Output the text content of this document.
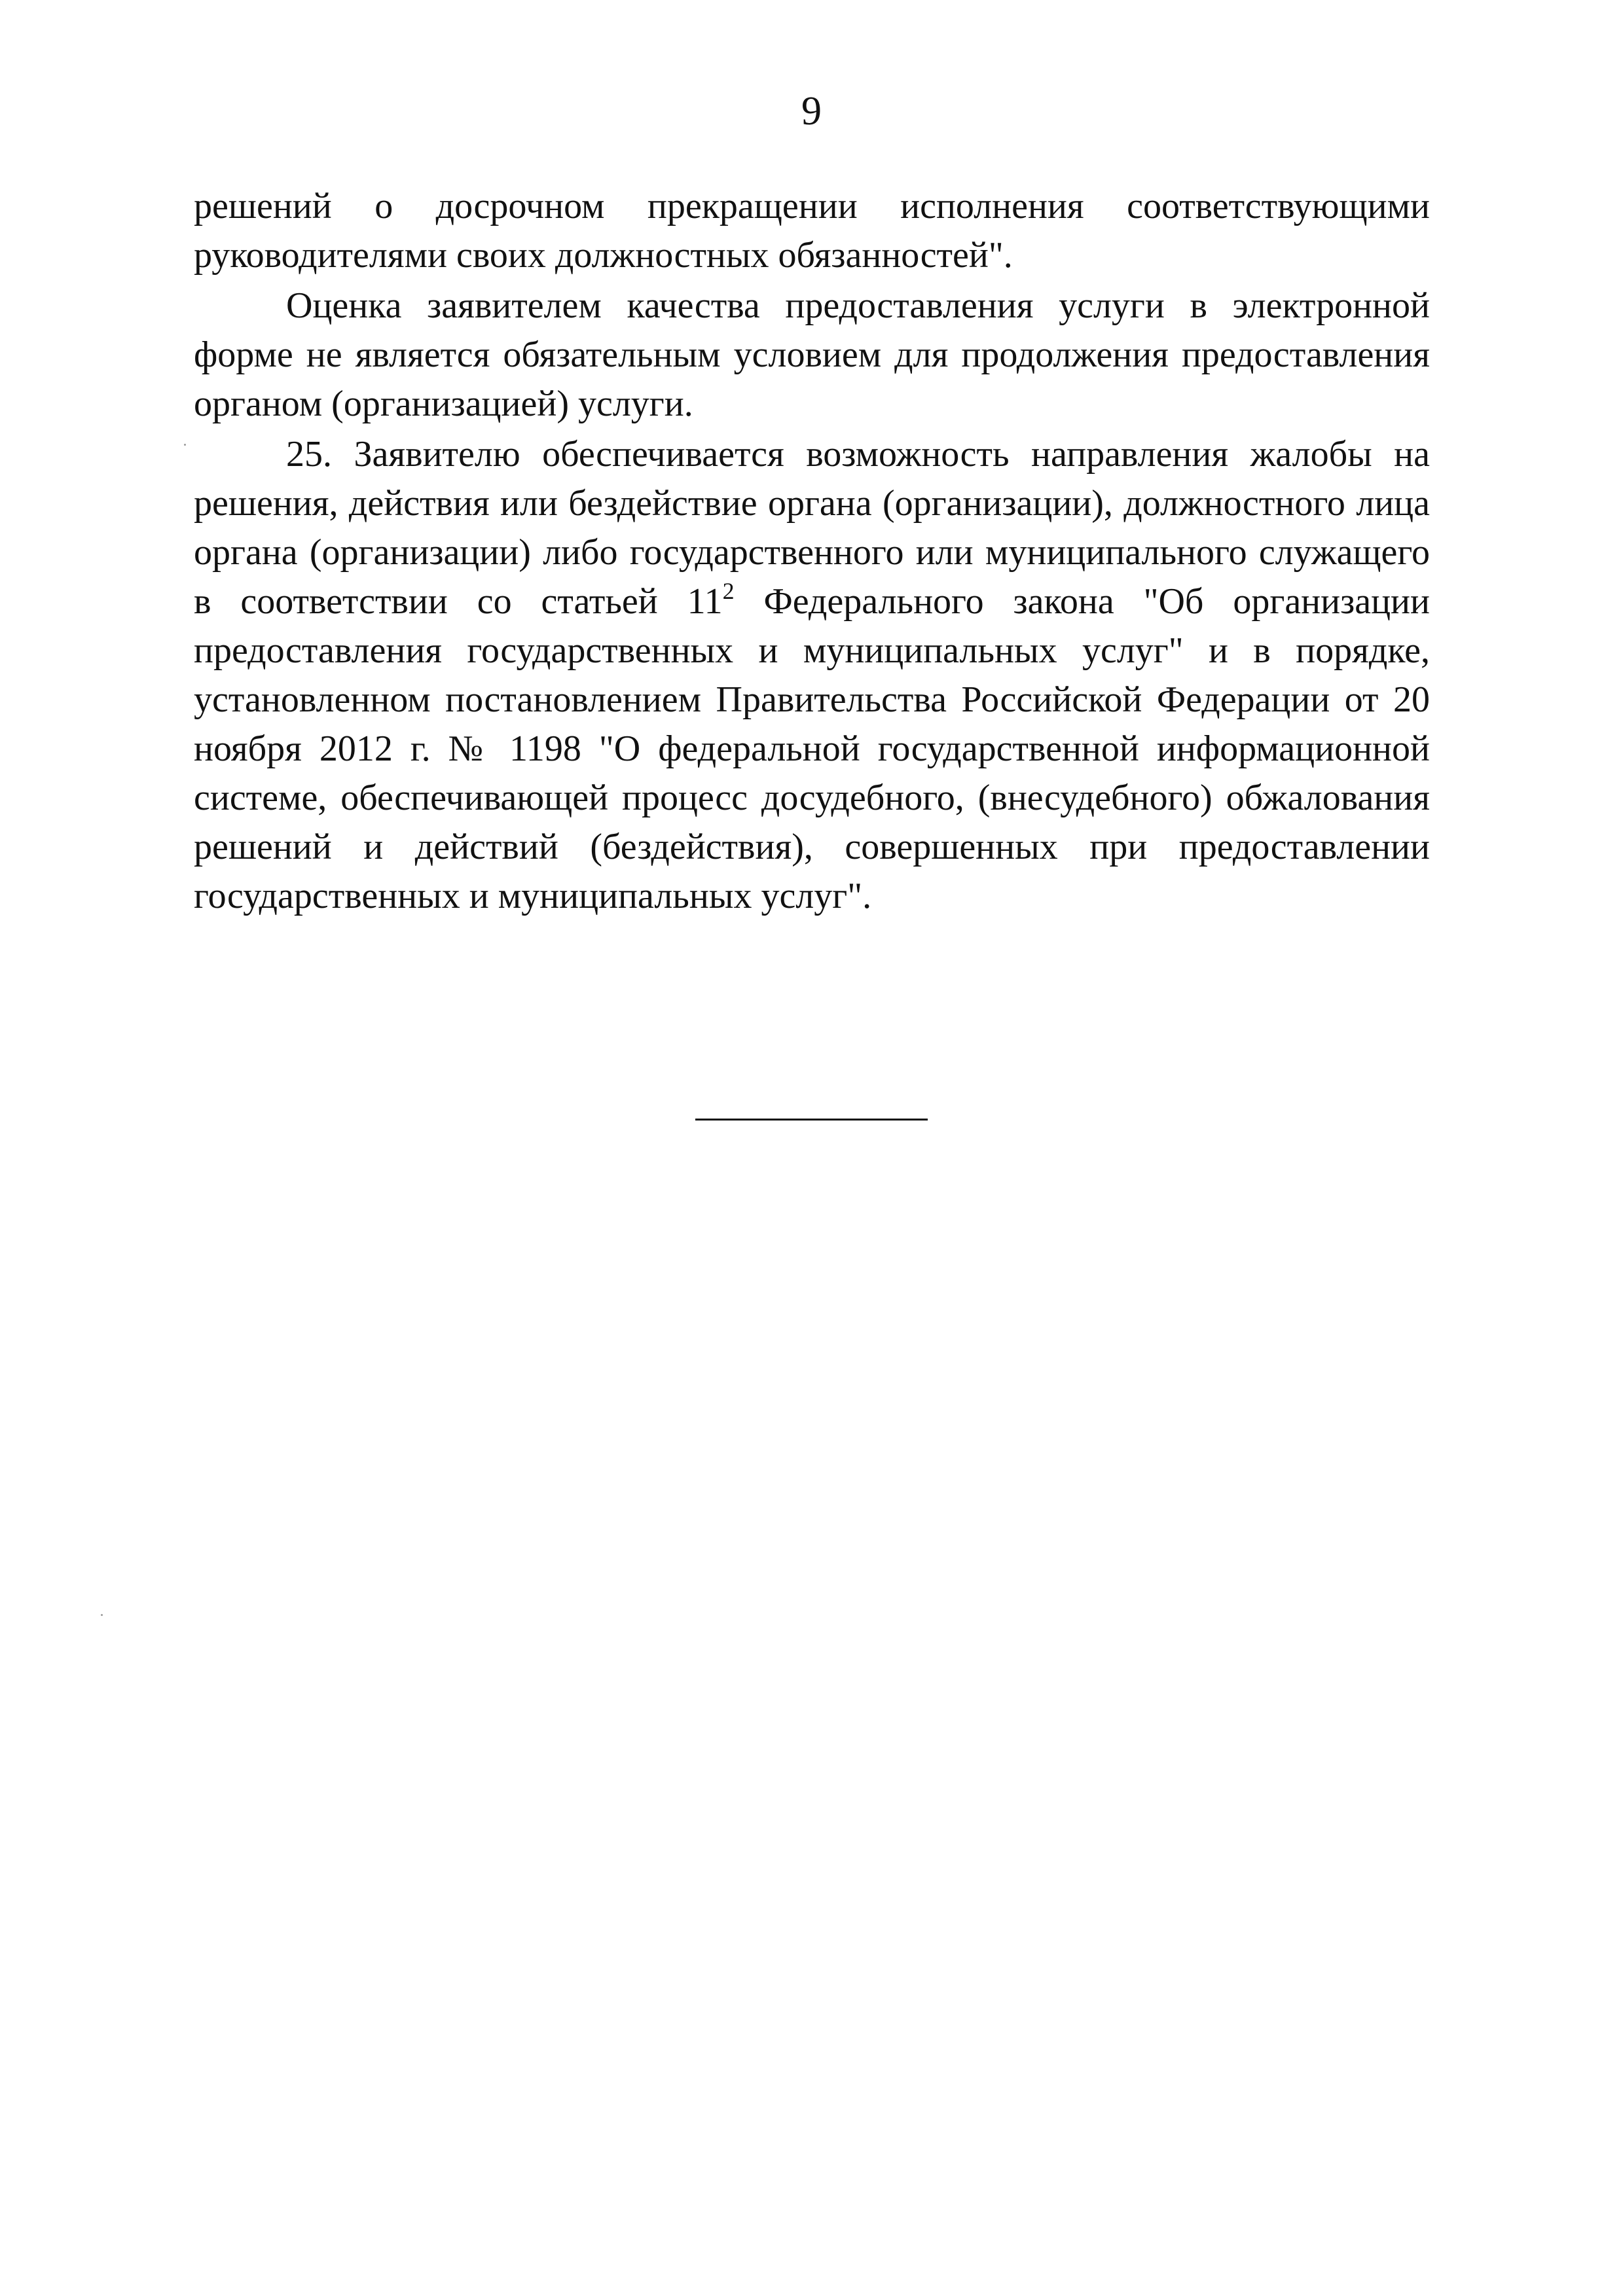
9

решений о досрочном прекращении исполнения соответствующими руководителями своих должностных обязанностей".

Оценка заявителем качества предоставления услуги в электронной форме не является обязательным условием для продолжения предоставления органом (организацией) услуги.

25. Заявителю обеспечивается возможность направления жалобы на решения, действия или бездействие органа (организации), должностного лица органа (организации) либо государственного или муниципального служащего в соответствии со статьей $11^2$ Федерального закона "Об организации предоставления государственных и муниципальных услуг" и в порядке, установленном постановлением Правительства Российской Федерации от 20 ноября 2012 г. № 1198 "О федеральной государственной информационной системе, обеспечивающей процесс досудебного, (внесудебного) обжалования решений и действий (бездействия), совершенных при предоставлении государственных и муниципальных услуг".
